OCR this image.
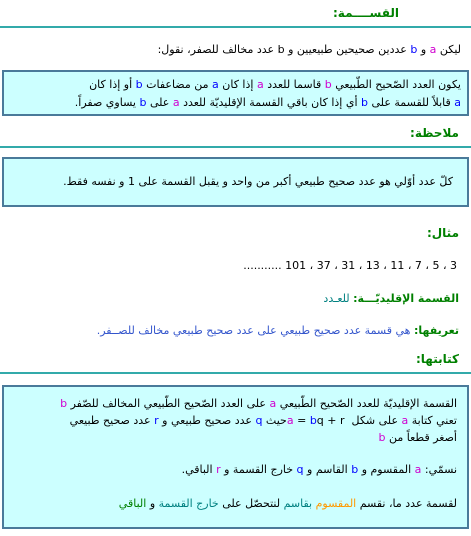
القســــمة:
ليكن a و b عددين صحيحين طبيعيين و b عدد مخالف للصفر، نقول:
يكون العدد الصّحيح الطّبيعي b قاسما للعدد a إذا كان a من مضاعفات b أو إذا كان
a قابلاً للقسمة على b أي إذا كان باقي القسمة الإقليديّة للعدد a على b يساوي صفراً.
ملاحظة:
كلّ عدد أوّلي هو عدد صحيح طبيعي أكبر من واحد و يقبل القسمة على 1 و نفسه فقط.
مثال:
3 ، 5 ، 7 ، 11 ، 13 ، 31 ، 37 ، 101 ...........
القسمة الإقليديّـــة: للعـدد
تعريفها: هي قسمة عدد صحيح طبيعي على عدد صحيح طبيعي مخالف للصــفر.
كتابتها:
القسمة الإقليديّة للعدد الصّحيح الطّبيعي a على العدد الصّحيح الطّبيعي المخالف للصّفر b
تعني كتابة a على شكل a = bq + r حيث q عدد صحيح طبيعي و r عدد صحيح طبيعي
أصغر قطعاً من b
نسمّي: a المقسوم و b القاسم و q خارج القسمة و r الباقي.
لقسمة عدد ما، نقسم المقسوم بقاسم لنتحصّل على خارج القسمة و الباقي
